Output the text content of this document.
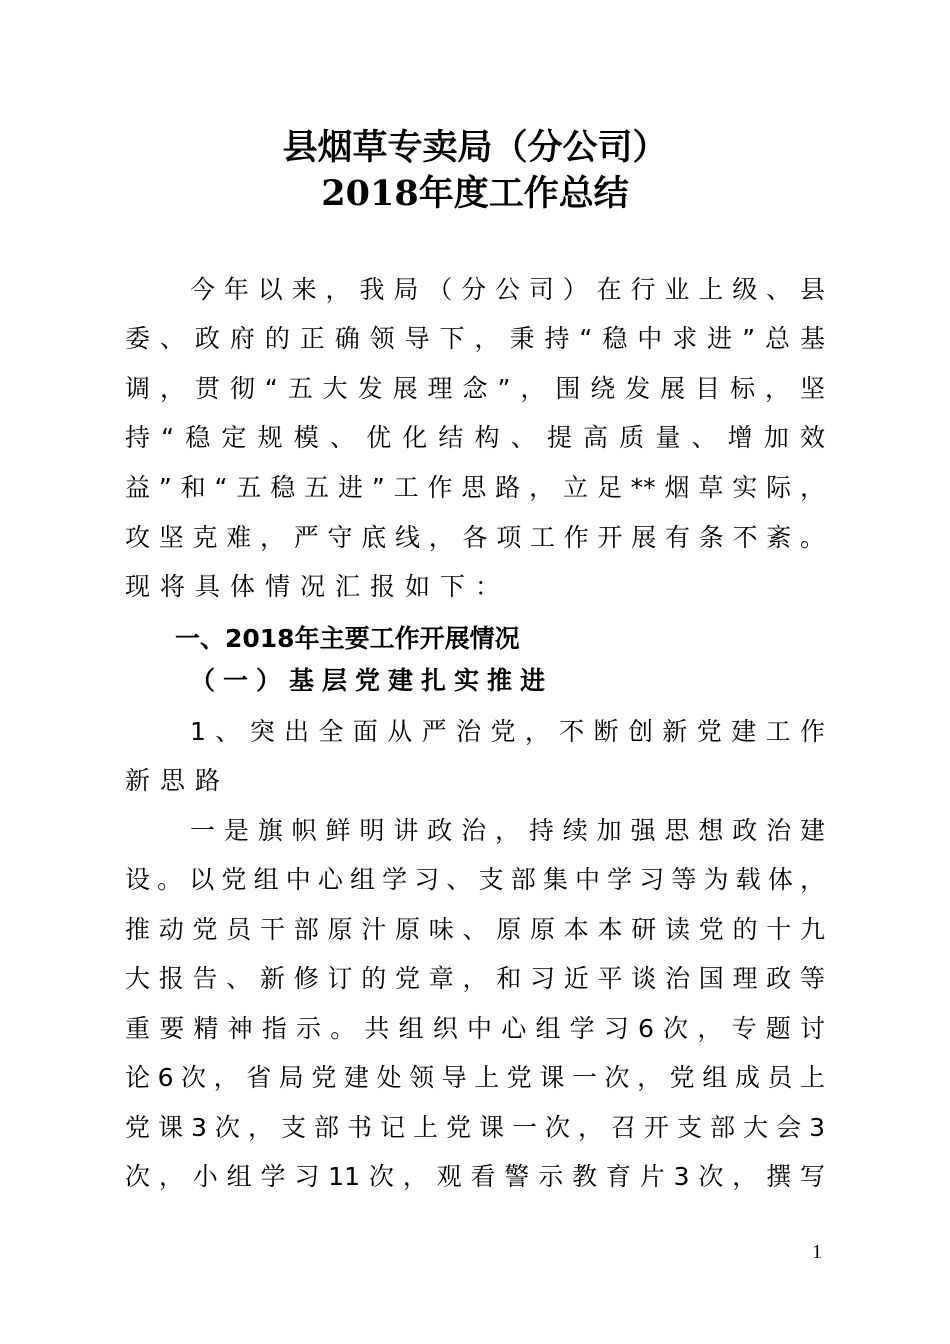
县烟草专卖局（分公司）
2018年度工作总结
今年以来，我局（分公司）在行业上级、县
委、政府的正确领导下，秉持“稳中求进”总基
调，贯彻“五大发展理念”，围绕发展目标，坚
持“稳定规模、优化结构、提高质量、增加效
益”和“五稳五进”工作思路，立足**烟草实际，
攻坚克难，严守底线，各项工作开展有条不紊。
现将具体情况汇报如下：
一、2018年主要工作开展情况
（一）基层党建扎实推进
1、突出全面从严治党，不断创新党建工作
新思路
一是旗帜鲜明讲政治，持续加强思想政治建
设。以党组中心组学习、支部集中学习等为载体，
推动党员干部原汁原味、原原本本研读党的十九
大报告、新修订的党章，和习近平谈治国理政等
重要精神指示。共组织中心组学习6次，专题讨
论6次，省局党建处领导上党课一次，党组成员上
党课3次，支部书记上党课一次，召开支部大会3
次，小组学习11次，观看警示教育片3次，撰写
1
